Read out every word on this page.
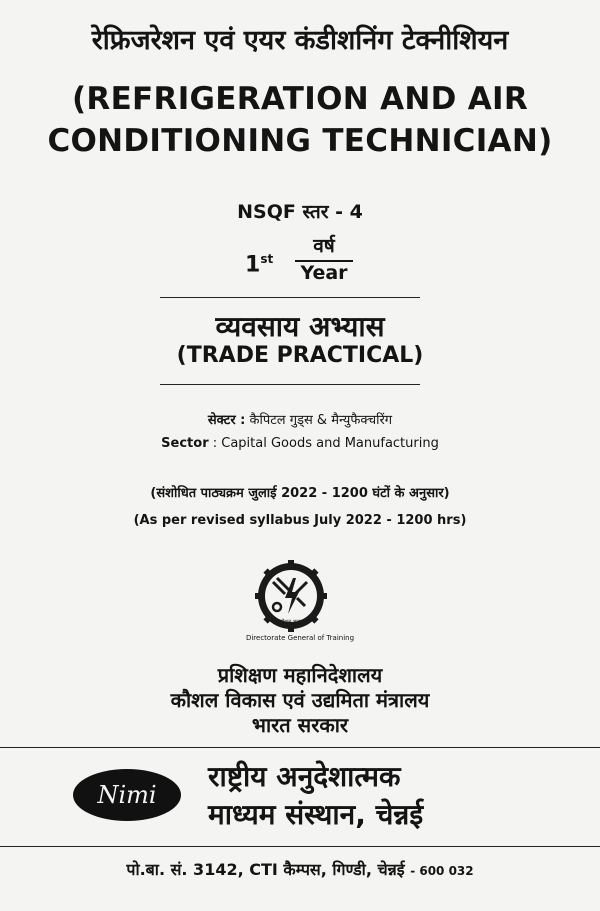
रेफ्रिजरेशन एवं एयर कंडीशनिंग टेक्नीशियन
(REFRIGERATION AND AIR
CONDITIONING TECHNICIAN)
NSQF स्तर - 4
1st
वर्ष
Year
व्यवसाय अभ्यास
(TRADE PRACTICAL)
सेक्टर : कैपिटल गुड्स & मैन्युफैक्चरिंग
Sector : Capital Goods and Manufacturing
(संशोधित पाठ्यक्रम जुलाई 2022 - 1200 घंटों के अनुसार)
(As per revised syllabus July 2022 - 1200 hrs)
कौशल भारत
Directorate General of Training
प्रशिक्षण महानिदेशालय
कौशल विकास एवं उद्यमिता मंत्रालय
भारत सरकार
Nimi
राष्ट्रीय अनुदेशात्मक
माध्यम संस्थान, चेन्नई
पो.बा. सं. 3142, CTI कैम्पस, गिण्डी, चेन्नई - 600 032
